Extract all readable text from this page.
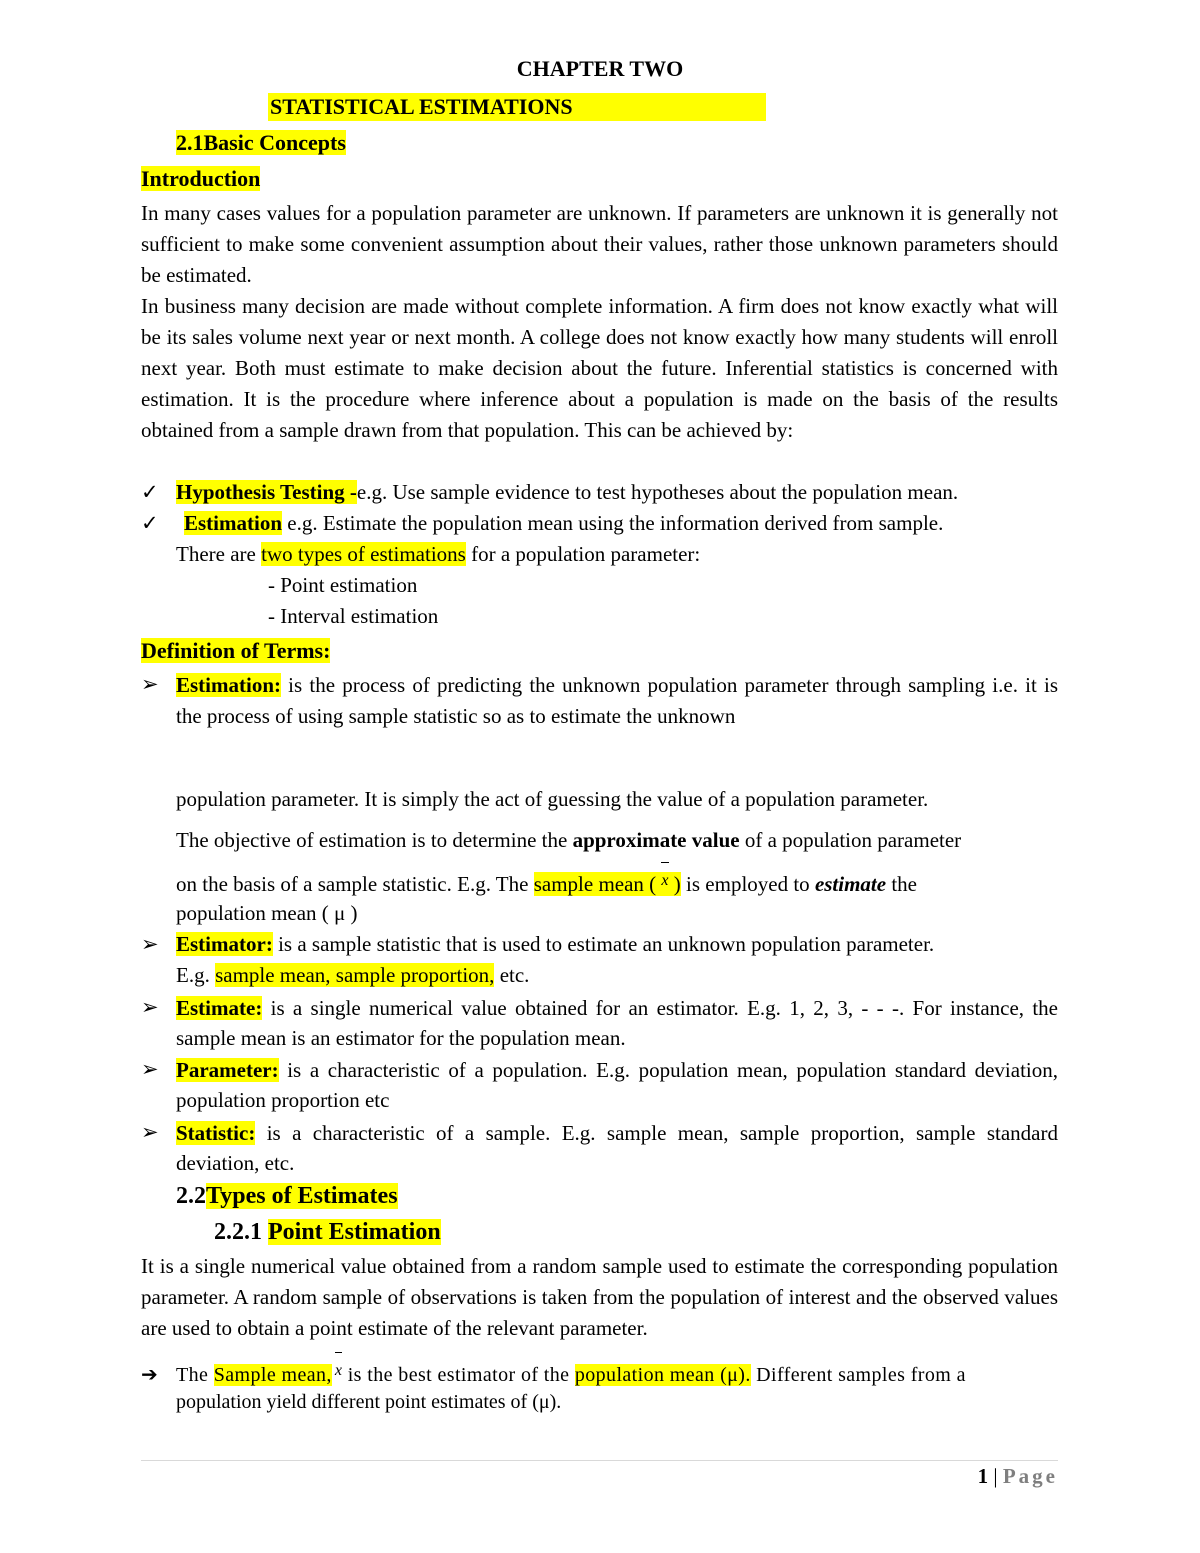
CHAPTER TWO
STATISTICAL ESTIMATIONS
2.1Basic Concepts
Introduction
In many cases values for a population parameter are unknown. If parameters are unknown it is generally not sufficient to make some convenient assumption about their values, rather those unknown parameters should be estimated.
In business many decision are made without complete information. A firm does not know exactly what will be its sales volume next year or next month. A college does not know exactly how many students will enroll next year. Both must estimate to make decision about the future. Inferential statistics is concerned with estimation. It is the procedure where inference about a population is made on the basis of the results obtained from a sample drawn from that population. This can be achieved by:
✓ Hypothesis Testing -e.g. Use sample evidence to test hypotheses about the population mean.
✓ Estimation e.g. Estimate the population mean using the information derived from sample.
There are two types of estimations for a population parameter:
- Point estimation
- Interval estimation
Definition of Terms:
➢ Estimation: is the process of predicting the unknown population parameter through sampling i.e. it is the process of using sample statistic so as to estimate the unknown
population parameter. It is simply the act of guessing the value of a population parameter.
The objective of estimation is to determine the approximate value of a population parameter
on the basis of a sample statistic. E.g. The sample mean ( x ) is employed to estimate the
population mean ( μ )
➢ Estimator: is a sample statistic that is used to estimate an unknown population parameter.
E.g. sample mean, sample proportion, etc.
➢ Estimate: is a single numerical value obtained for an estimator. E.g. 1, 2, 3, - - -. For instance, the sample mean is an estimator for the population mean.
➢ Parameter: is a characteristic of a population. E.g. population mean, population standard deviation, population proportion etc
➢ Statistic: is a characteristic of a sample. E.g. sample mean, sample proportion, sample standard deviation, etc.
2.2Types of Estimates
2.2.1 Point Estimation
It is a single numerical value obtained from a random sample used to estimate the corresponding population parameter. A random sample of observations is taken from the population of interest and the observed values are used to obtain a point estimate of the relevant parameter.
➔ The Sample mean, x is the best estimator of the population mean (μ). Different samples from a
population yield different point estimates of (μ).
1 | Page
